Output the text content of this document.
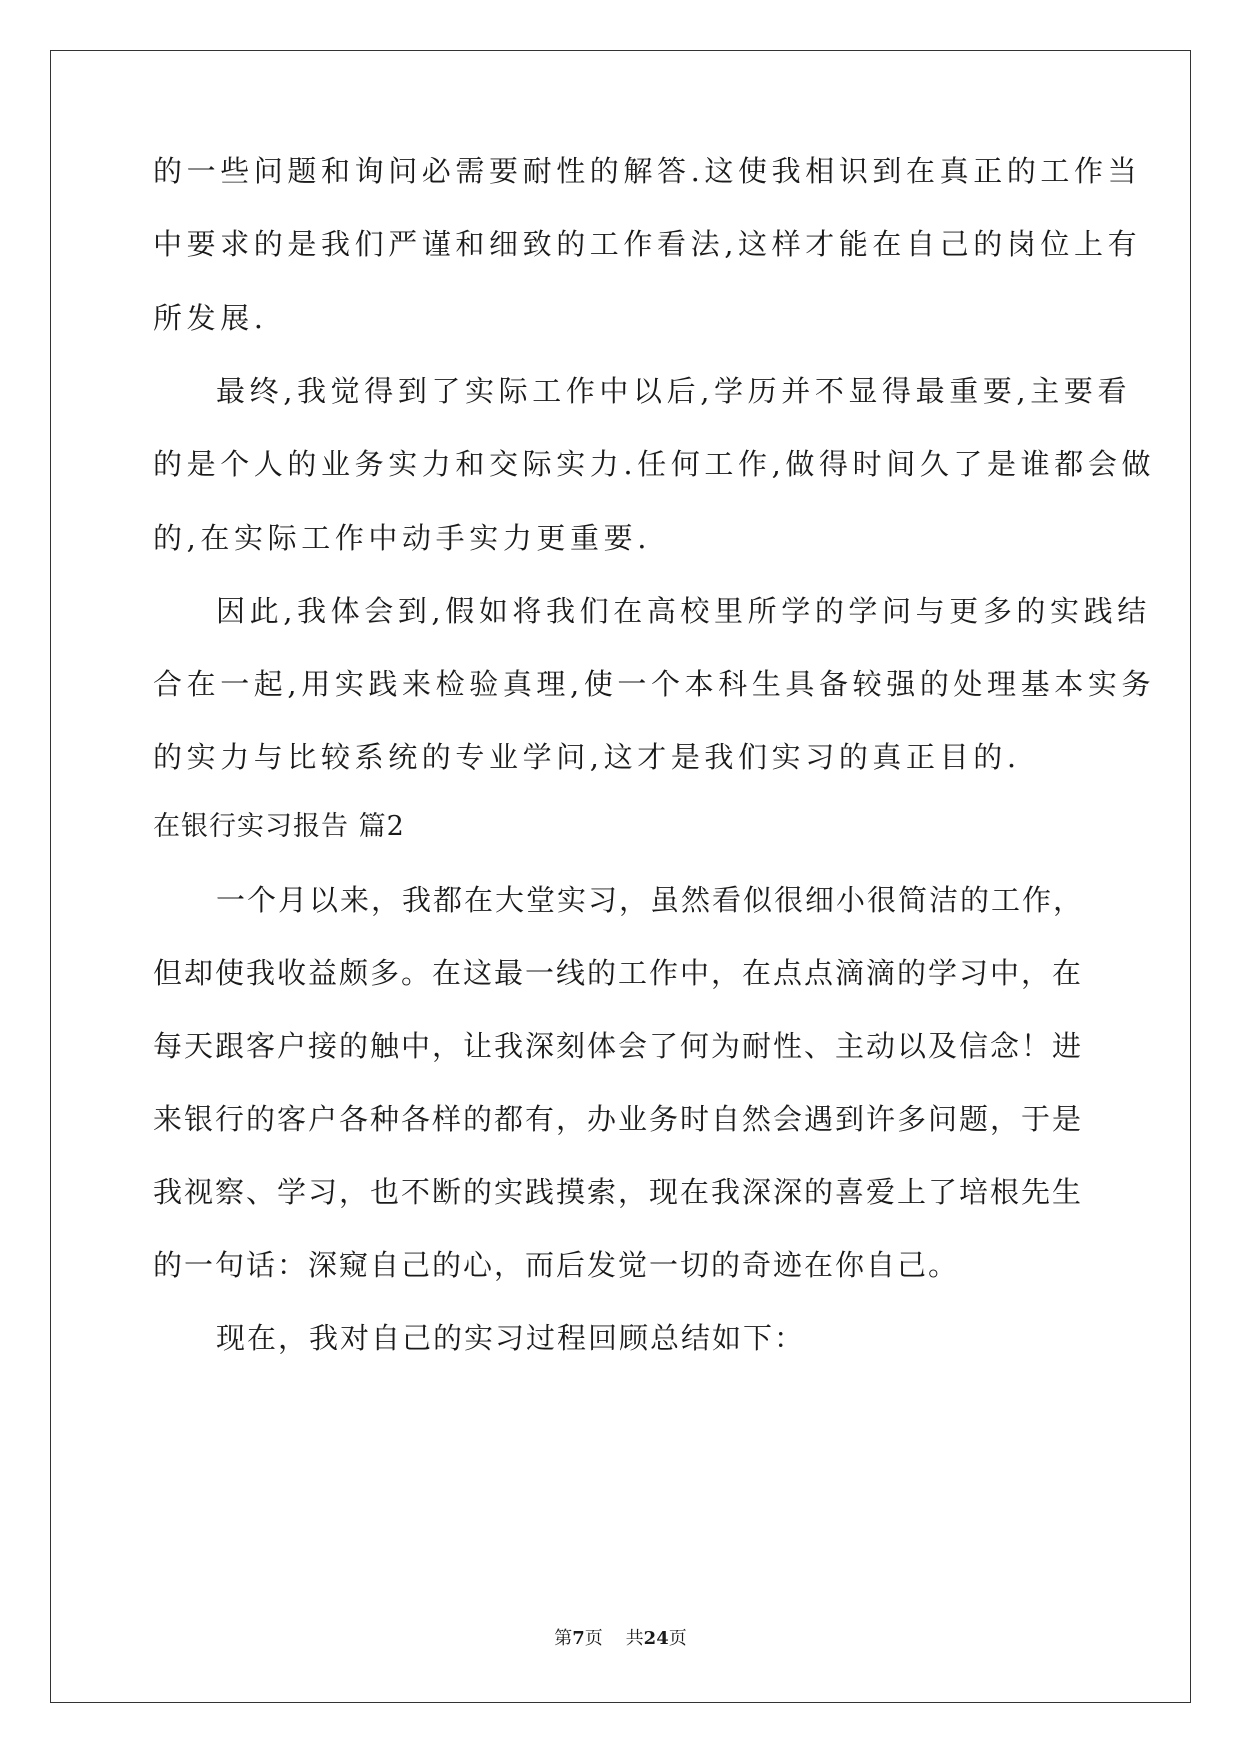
的一些问题和询问必需要耐性的解答.这使我相识到在真正的工作当
中要求的是我们严谨和细致的工作看法,这样才能在自己的岗位上有
所发展.
最终,我觉得到了实际工作中以后,学历并不显得最重要,主要看
的是个人的业务实力和交际实力.任何工作,做得时间久了是谁都会做
的,在实际工作中动手实力更重要.
因此,我体会到,假如将我们在高校里所学的学问与更多的实践结
合在一起,用实践来检验真理,使一个本科生具备较强的处理基本实务
的实力与比较系统的专业学问,这才是我们实习的真正目的.
在银行实习报告 篇2
一个月以来，我都在大堂实习，虽然看似很细小很简洁的工作，
但却使我收益颇多。在这最一线的工作中，在点点滴滴的学习中，在
每天跟客户接的触中，让我深刻体会了何为耐性、主动以及信念！进
来银行的客户各种各样的都有，办业务时自然会遇到许多问题，于是
我视察、学习，也不断的实践摸索，现在我深深的喜爱上了培根先生
的一句话：深窥自己的心，而后发觉一切的奇迹在你自己。
现在，我对自己的实习过程回顾总结如下：
第7页    共24页
